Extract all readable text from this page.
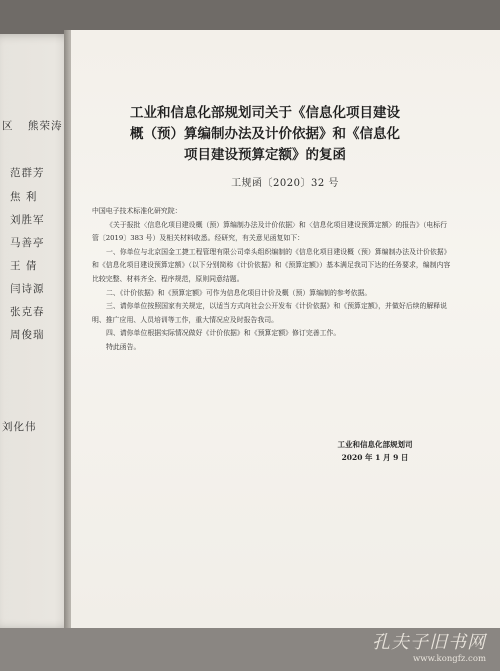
区 熊荣涛
范群芳
焦 利
刘胜军
马善亭
王 倩
闫诗源
张克春
周俊瑞
刘化伟
工业和信息化部规划司关于《信息化项目建设
概（预）算编制办法及计价依据》和《信息化
项目建设预算定额》的复函
工规函〔2020〕32 号

中国电子技术标准化研究院：

《关于报批〈信息化项目建设概（预）算编制办法及计价依据〉和〈信息化项目建设预算定额〉的报告》（电标行管〔2019〕383 号）及相关材料收悉。经研究，有关意见函复如下：

一、你单位与北京国金工捷工程管理有限公司牵头组织编制的《信息化项目建设概（预）算编制办法及计价依据》和《信息化项目建设预算定额》（以下分别简称《计价依据》和《预算定额》）基本满足我司下达的任务要求，编制内容比较完整、材料齐全、程序规范，原则同意结题。

二、《计价依据》和《预算定额》可作为信息化项目计价及概（预）算编制的参考依据。

三、请你单位按照国家有关规定，以适当方式向社会公开发布《计价依据》和《预算定额》，并做好后续的解释说明、推广应用、人员培训等工作，重大情况应及时报告我司。

四、请你单位根据实际情况做好《计价依据》和《预算定额》修订完善工作。

特此函告。

工业和信息化部规划司
2020 年 1 月 9 日
孔夫子旧书网
www.kongfz.com
